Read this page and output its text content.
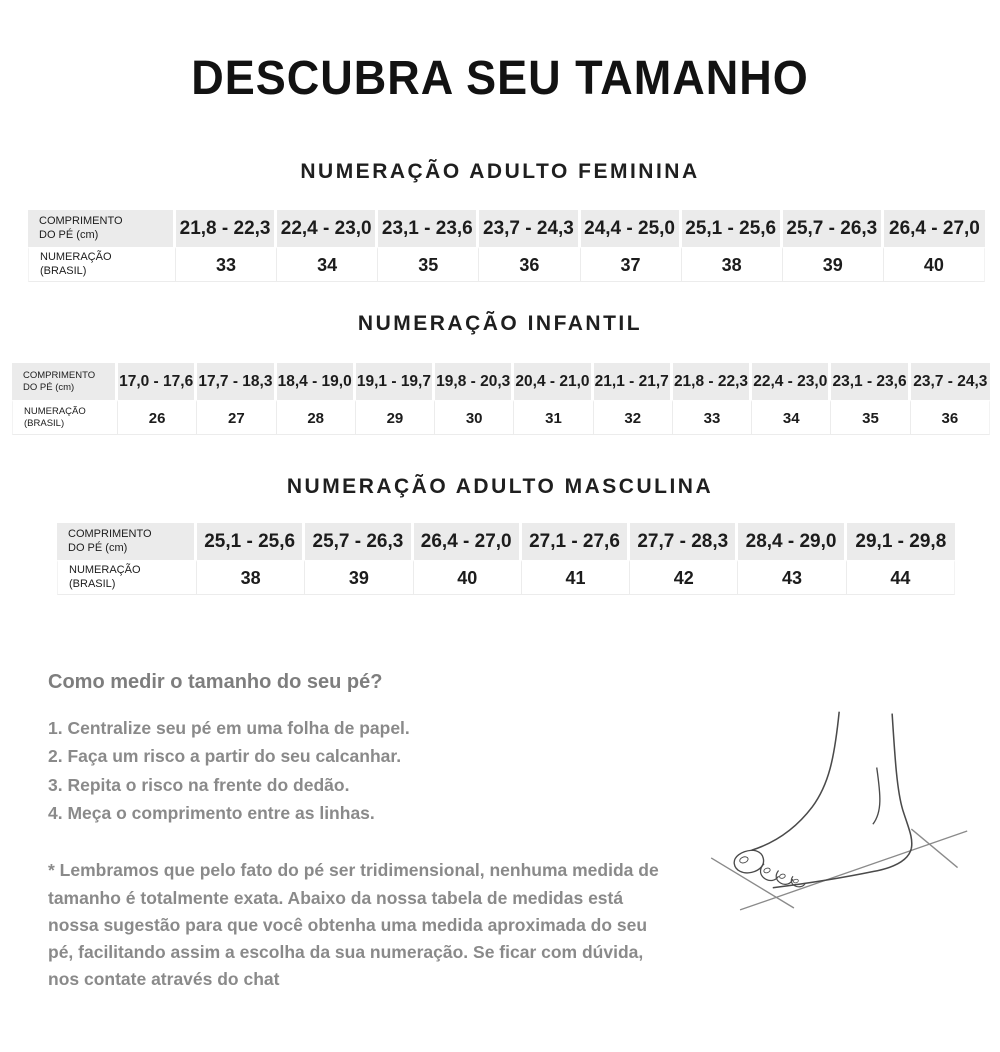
DESCUBRA SEU TAMANHO
NUMERAÇÃO ADULTO FEMININA
COMPRIMENTO
DO PÉ (cm)	21,8 - 22,3	22,4 - 23,0	23,1 - 23,6	23,7 - 24,3	24,4 - 25,0	25,1 - 25,6	25,7 - 26,3	26,4 - 27,0
NUMERAÇÃO
(BRASIL)	33	34	35	36	37	38	39	40
NUMERAÇÃO INFANTIL
COMPRIMENTO
DO PÉ (cm)	17,0 - 17,6	17,7 - 18,3	18,4 - 19,0	19,1 - 19,7	19,8 - 20,3	20,4 - 21,0	21,1 - 21,7	21,8 - 22,3	22,4 - 23,0	23,1 - 23,6	23,7 - 24,3
NUMERAÇÃO
(BRASIL)	26	27	28	29	30	31	32	33	34	35	36
NUMERAÇÃO ADULTO MASCULINA
COMPRIMENTO
DO PÉ (cm)	25,1 - 25,6	25,7 - 26,3	26,4 - 27,0	27,1 - 27,6	27,7 - 28,3	28,4 - 29,0	29,1 - 29,8
NUMERAÇÃO
(BRASIL)	38	39	40	41	42	43	44
Como medir o tamanho do seu pé?

1. Centralize seu pé em uma folha de papel.

2. Faça um risco a partir do seu calcanhar.

3. Repita o risco na frente do dedão.

4. Meça o comprimento entre as linhas.

* Lembramos que pelo fato do pé ser tridimensional, nenhuma medida de tamanho é totalmente exata. Abaixo da nossa tabela de medidas está nossa sugestão para que você obtenha uma medida aproximada do seu pé, facilitando assim a escolha da sua numeração. Se ficar com dúvida, nos contate através do chat
